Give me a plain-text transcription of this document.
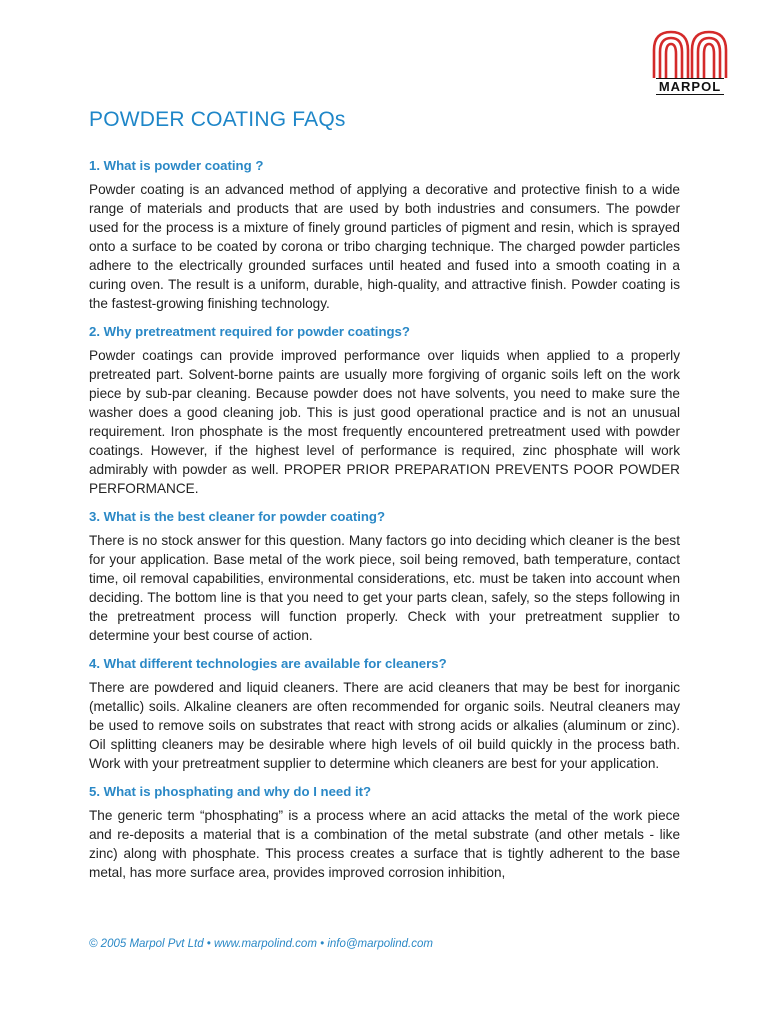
MARPOL
POWDER COATING FAQs

1. What is powder coating ?

Powder coating is an advanced method of applying a decorative and protective finish to a wide range of materials and products that are used by both industries and consumers. The powder used for the process is a mixture of finely ground particles of pigment and resin, which is sprayed onto a surface to be coated by corona or tribo charging technique. The charged powder particles adhere to the electrically grounded surfaces until heated and fused into a smooth coating in a curing oven. The result is a uniform, durable, high-quality, and attractive finish. Powder coating is the fastest-growing finishing technology.

2. Why pretreatment required for powder coatings?

Powder coatings can provide improved performance over liquids when applied to a properly pretreated part. Solvent-borne paints are usually more forgiving of organic soils left on the work piece by sub-par cleaning. Because powder does not have solvents, you need to make sure the washer does a good cleaning job. This is just good operational practice and is not an unusual requirement. Iron phosphate is the most frequently encountered pretreatment used with powder coatings. However, if the highest level of performance is required, zinc phosphate will work admirably with powder as well. PROPER PRIOR PREPARATION PREVENTS POOR POWDER PERFORMANCE.

3. What is the best cleaner for powder coating?

There is no stock answer for this question. Many factors go into deciding which cleaner is the best for your application. Base metal of the work piece, soil being removed, bath temperature, contact time, oil removal capabilities, environmental considerations, etc. must be taken into account when deciding. The bottom line is that you need to get your parts clean, safely, so the steps following in the pretreatment process will function properly. Check with your pretreatment supplier to determine your best course of action.

4. What different technologies are available for cleaners?

There are powdered and liquid cleaners. There are acid cleaners that may be best for inorganic (metallic) soils. Alkaline cleaners are often recommended for organic soils. Neutral cleaners may be used to remove soils on substrates that react with strong acids or alkalies (aluminum or zinc). Oil splitting cleaners may be desirable where high levels of oil build quickly in the process bath. Work with your pretreatment supplier to determine which cleaners are best for your application.

5. What is phosphating and why do I need it?

The generic term “phosphating” is a process where an acid attacks the metal of the work piece and re-deposits a material that is a combination of the metal substrate (and other metals - like zinc) along with phosphate. This process creates a surface that is tightly adherent to the base metal, has more surface area, provides improved corrosion inhibition,

© 2005 Marpol Pvt Ltd • www.marpolind.com • info@marpolind.com
